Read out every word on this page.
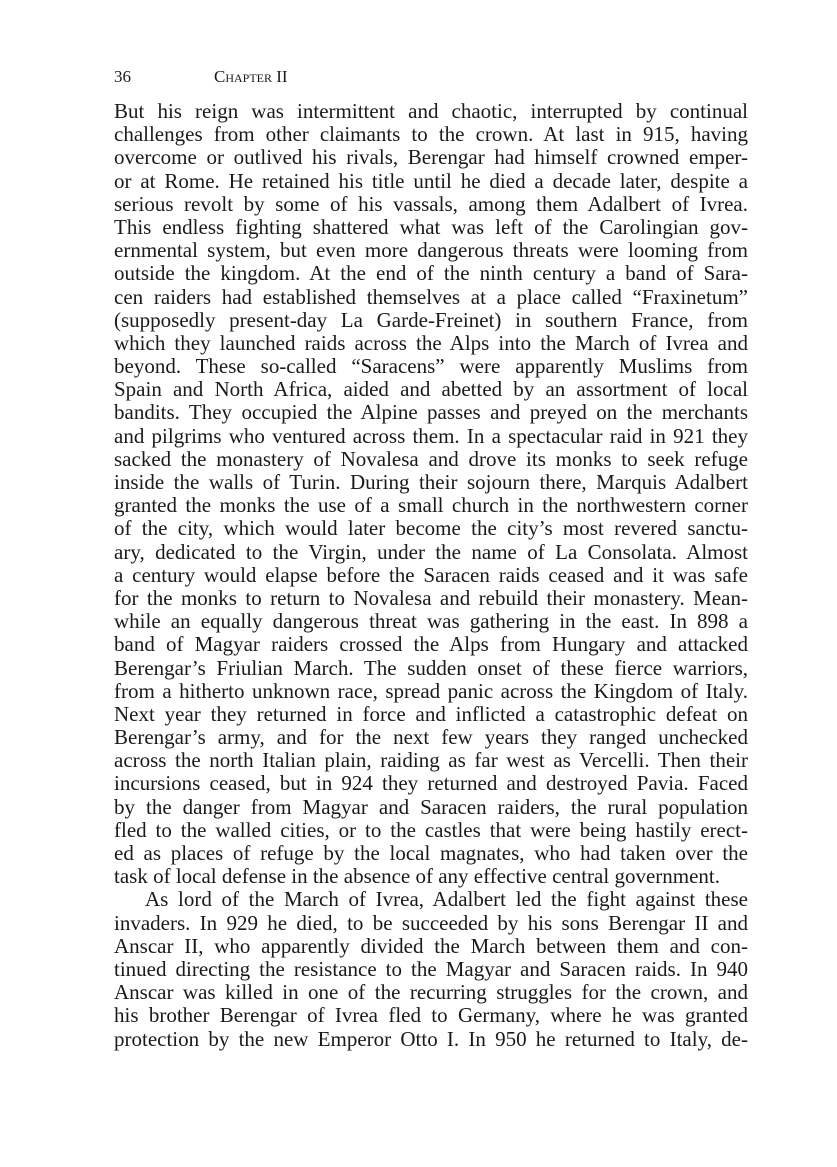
36	Chapter II
But his reign was intermittent and chaotic, interrupted by continual
challenges from other claimants to the crown. At last in 915, having
overcome or outlived his rivals, Berengar had himself crowned emper-
or at Rome. He retained his title until he died a decade later, despite a
serious revolt by some of his vassals, among them Adalbert of Ivrea.
This endless fighting shattered what was left of the Carolingian gov-
ernmental system, but even more dangerous threats were looming from
outside the kingdom. At the end of the ninth century a band of Sara-
cen raiders had established themselves at a place called “Fraxinetum”
(supposedly present-day La Garde-Freinet) in southern France, from
which they launched raids across the Alps into the March of Ivrea and
beyond. These so-called “Saracens” were apparently Muslims from
Spain and North Africa, aided and abetted by an assortment of local
bandits. They occupied the Alpine passes and preyed on the merchants
and pilgrims who ventured across them. In a spectacular raid in 921 they
sacked the monastery of Novalesa and drove its monks to seek refuge
inside the walls of Turin. During their sojourn there, Marquis Adalbert
granted the monks the use of a small church in the northwestern corner
of the city, which would later become the city’s most revered sanctu-
ary, dedicated to the Virgin, under the name of La Consolata. Almost
a century would elapse before the Saracen raids ceased and it was safe
for the monks to return to Novalesa and rebuild their monastery. Mean-
while an equally dangerous threat was gathering in the east. In 898 a
band of Magyar raiders crossed the Alps from Hungary and attacked
Berengar’s Friulian March. The sudden onset of these fierce warriors,
from a hitherto unknown race, spread panic across the Kingdom of Italy.
Next year they returned in force and inflicted a catastrophic defeat on
Berengar’s army, and for the next few years they ranged unchecked
across the north Italian plain, raiding as far west as Vercelli. Then their
incursions ceased, but in 924 they returned and destroyed Pavia. Faced
by the danger from Magyar and Saracen raiders, the rural population
fled to the walled cities, or to the castles that were being hastily erect-
ed as places of refuge by the local magnates, who had taken over the
task of local defense in the absence of any effective central government.
As lord of the March of Ivrea, Adalbert led the fight against these
invaders. In 929 he died, to be succeeded by his sons Berengar II and
Anscar II, who apparently divided the March between them and con-
tinued directing the resistance to the Magyar and Saracen raids. In 940
Anscar was killed in one of the recurring struggles for the crown, and
his brother Berengar of Ivrea fled to Germany, where he was granted
protection by the new Emperor Otto I. In 950 he returned to Italy, de-
